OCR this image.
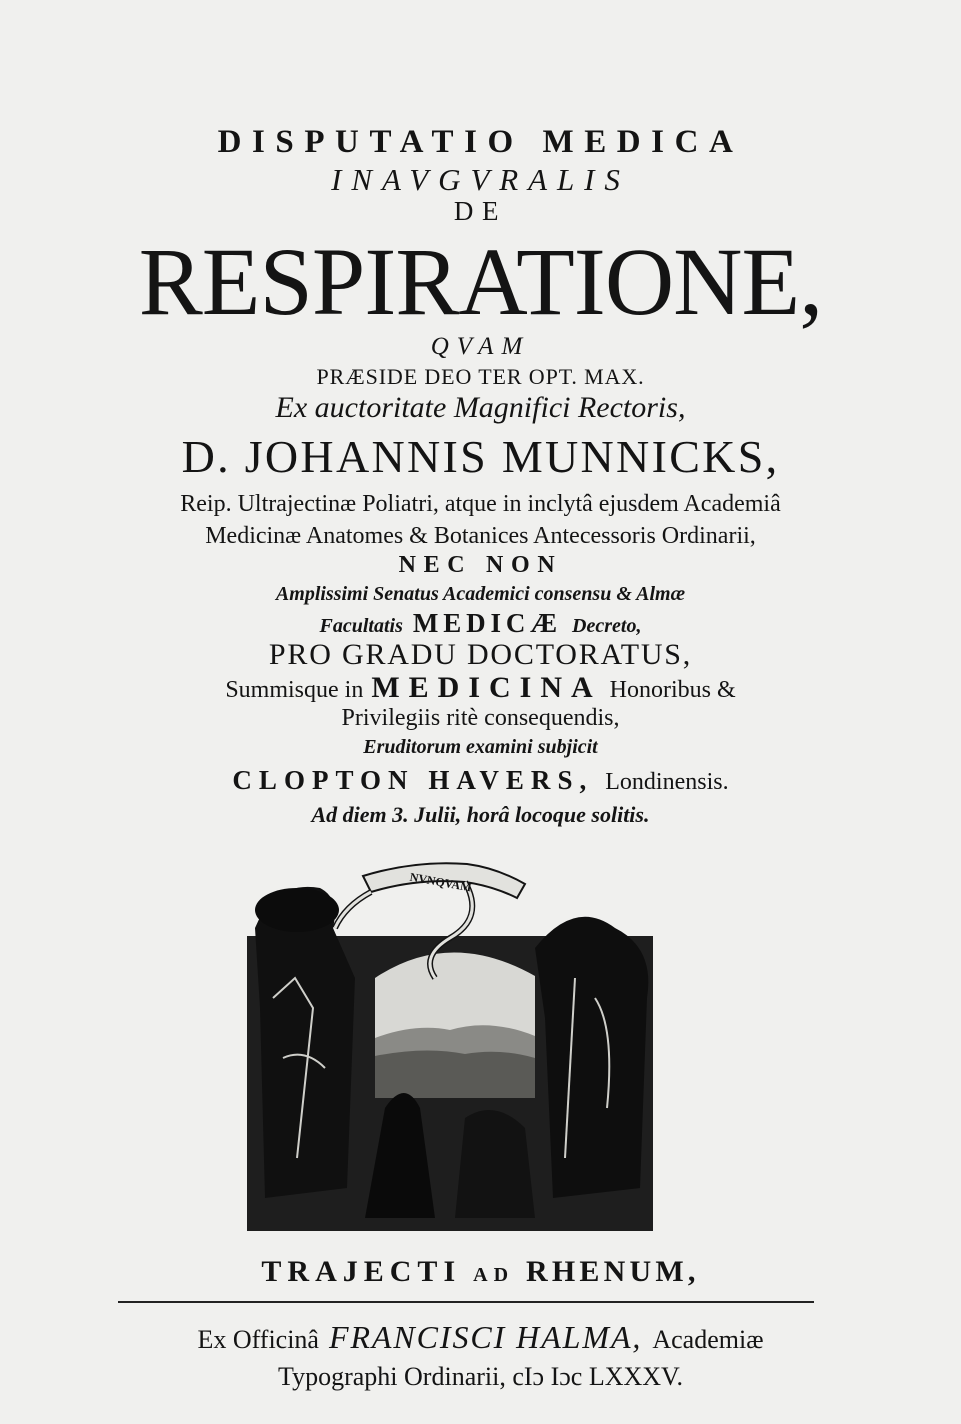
DISPUTATIO MEDICA
INAVGVRALIS
DE
RESPIRATIONE,
QVAM
PRÆSIDE DEO TER OPT. MAX.
Ex auctoritate Magnifici Rectoris,
D. JOHANNIS MUNNICKS,
Reip. Ultrajectinæ Poliatri, atque in inclytâ ejusdem Academiâ
Medicinæ Anatomes & Botanices Antecessoris Ordinarii,
NEC NON
Amplissimi Senatus Academici consensu & Almæ
Facultatis MEDICÆ Decreto,
PRO GRADU DOCTORATUS,
Summisque in MEDICINA Honoribus &
Privilegiis ritè consequendis,
Eruditorum examini subjicit
CLOPTON HAVERS, Londinensis.
Ad diem 3. Julii, horâ locoque solitis.
NVNQVAM
TRAJECTI AD RHENUM,
Ex Officinâ FRANCISCI HALMA, Academiæ
Typographi Ordinarii, cIɔ Iɔc LXXXV.
